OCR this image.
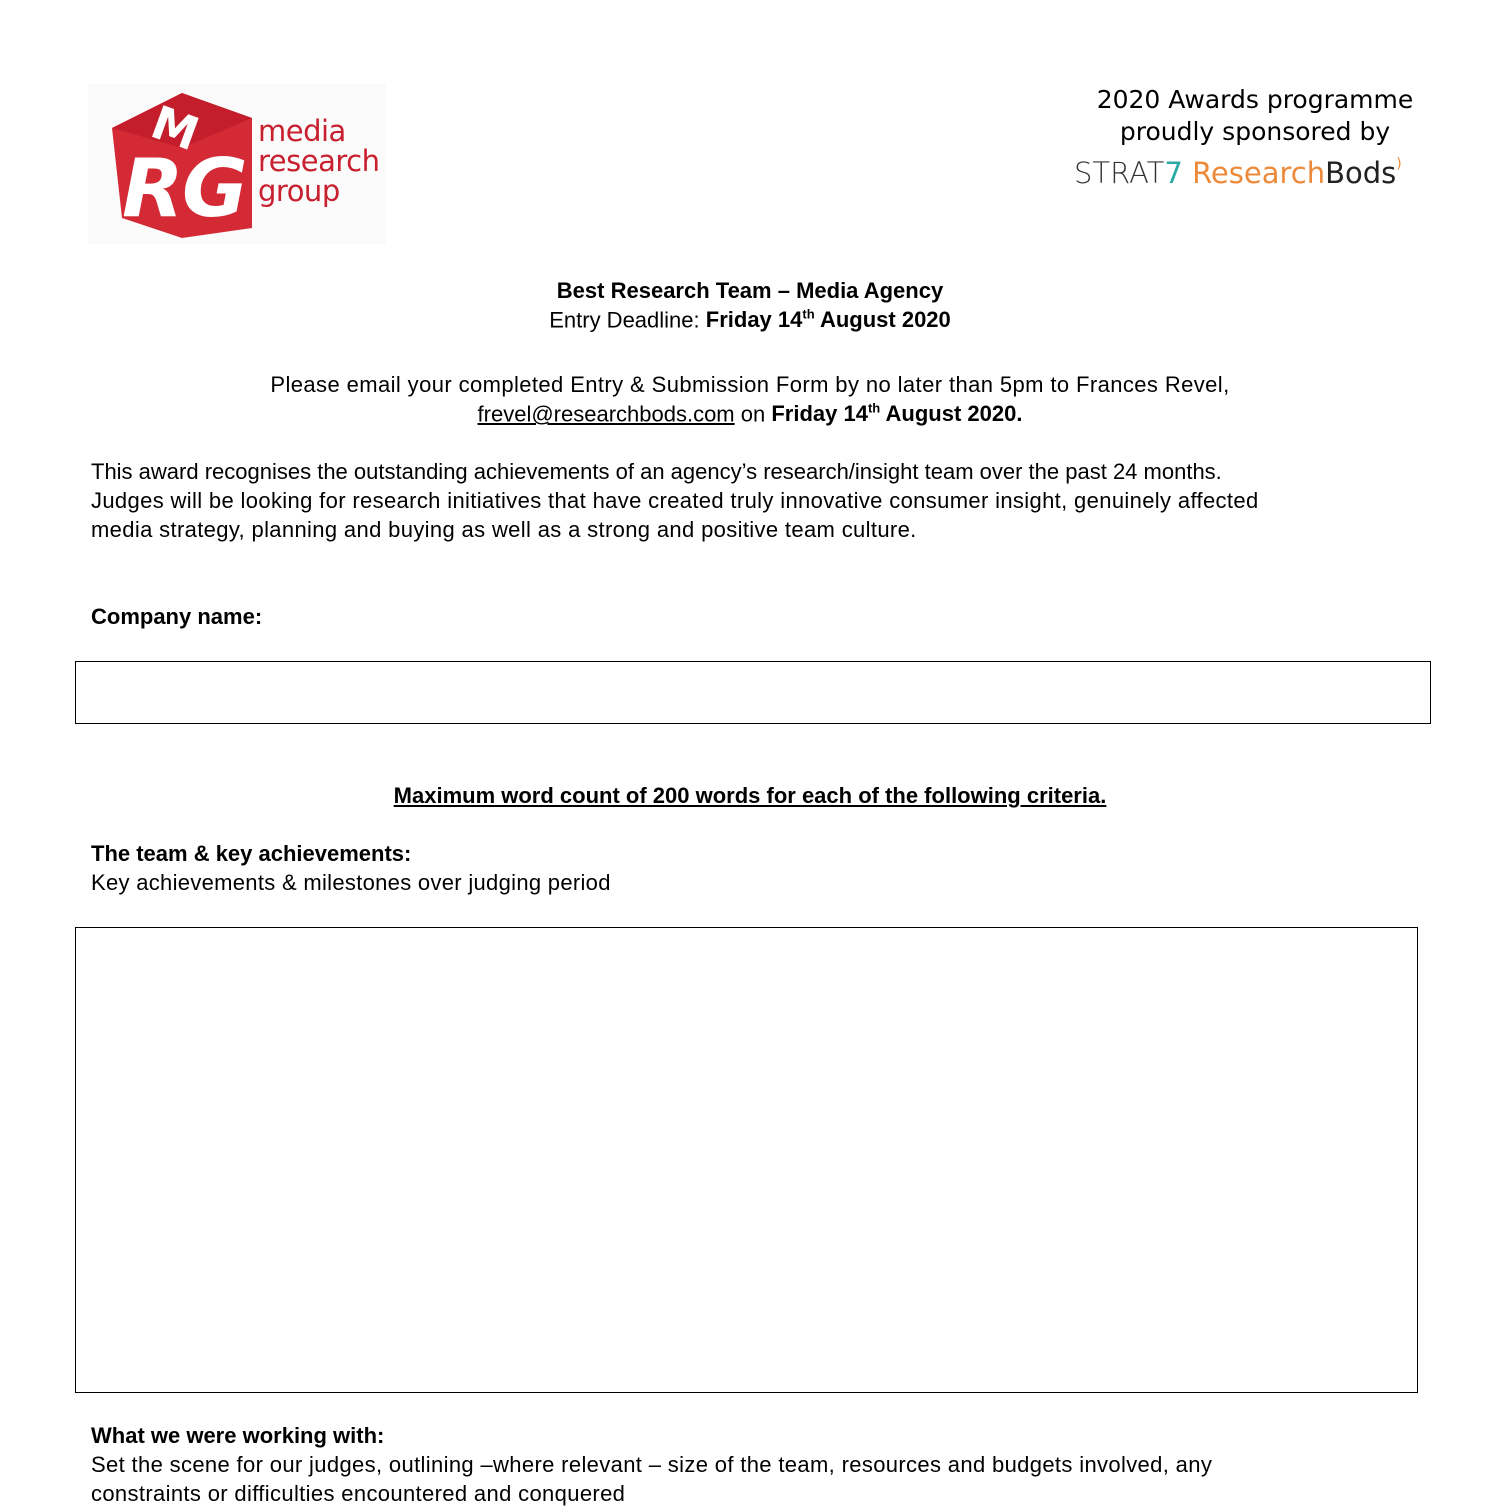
R
G
M media
research
group
2020 Awards programme
proudly sponsored by
STRAT7 ResearchBods)
Best Research Team – Media Agency
Entry Deadline: Friday 14th August 2020
Please email your completed Entry & Submission Form by no later than 5pm to Frances Revel,
frevel@researchbods.com on Friday 14th August 2020.
This award recognises the outstanding achievements of an agency’s research/insight team over the past 24 months.
Judges will be looking for research initiatives that have created truly innovative consumer insight, genuinely affected
media strategy, planning and buying as well as a strong and positive team culture.
Company name:
Maximum word count of 200 words for each of the following criteria.
The team & key achievements:
Key achievements & milestones over judging period
What we were working with:
Set the scene for our judges, outlining –where relevant – size of the team, resources and budgets involved, any
constraints or difficulties encountered and conquered
